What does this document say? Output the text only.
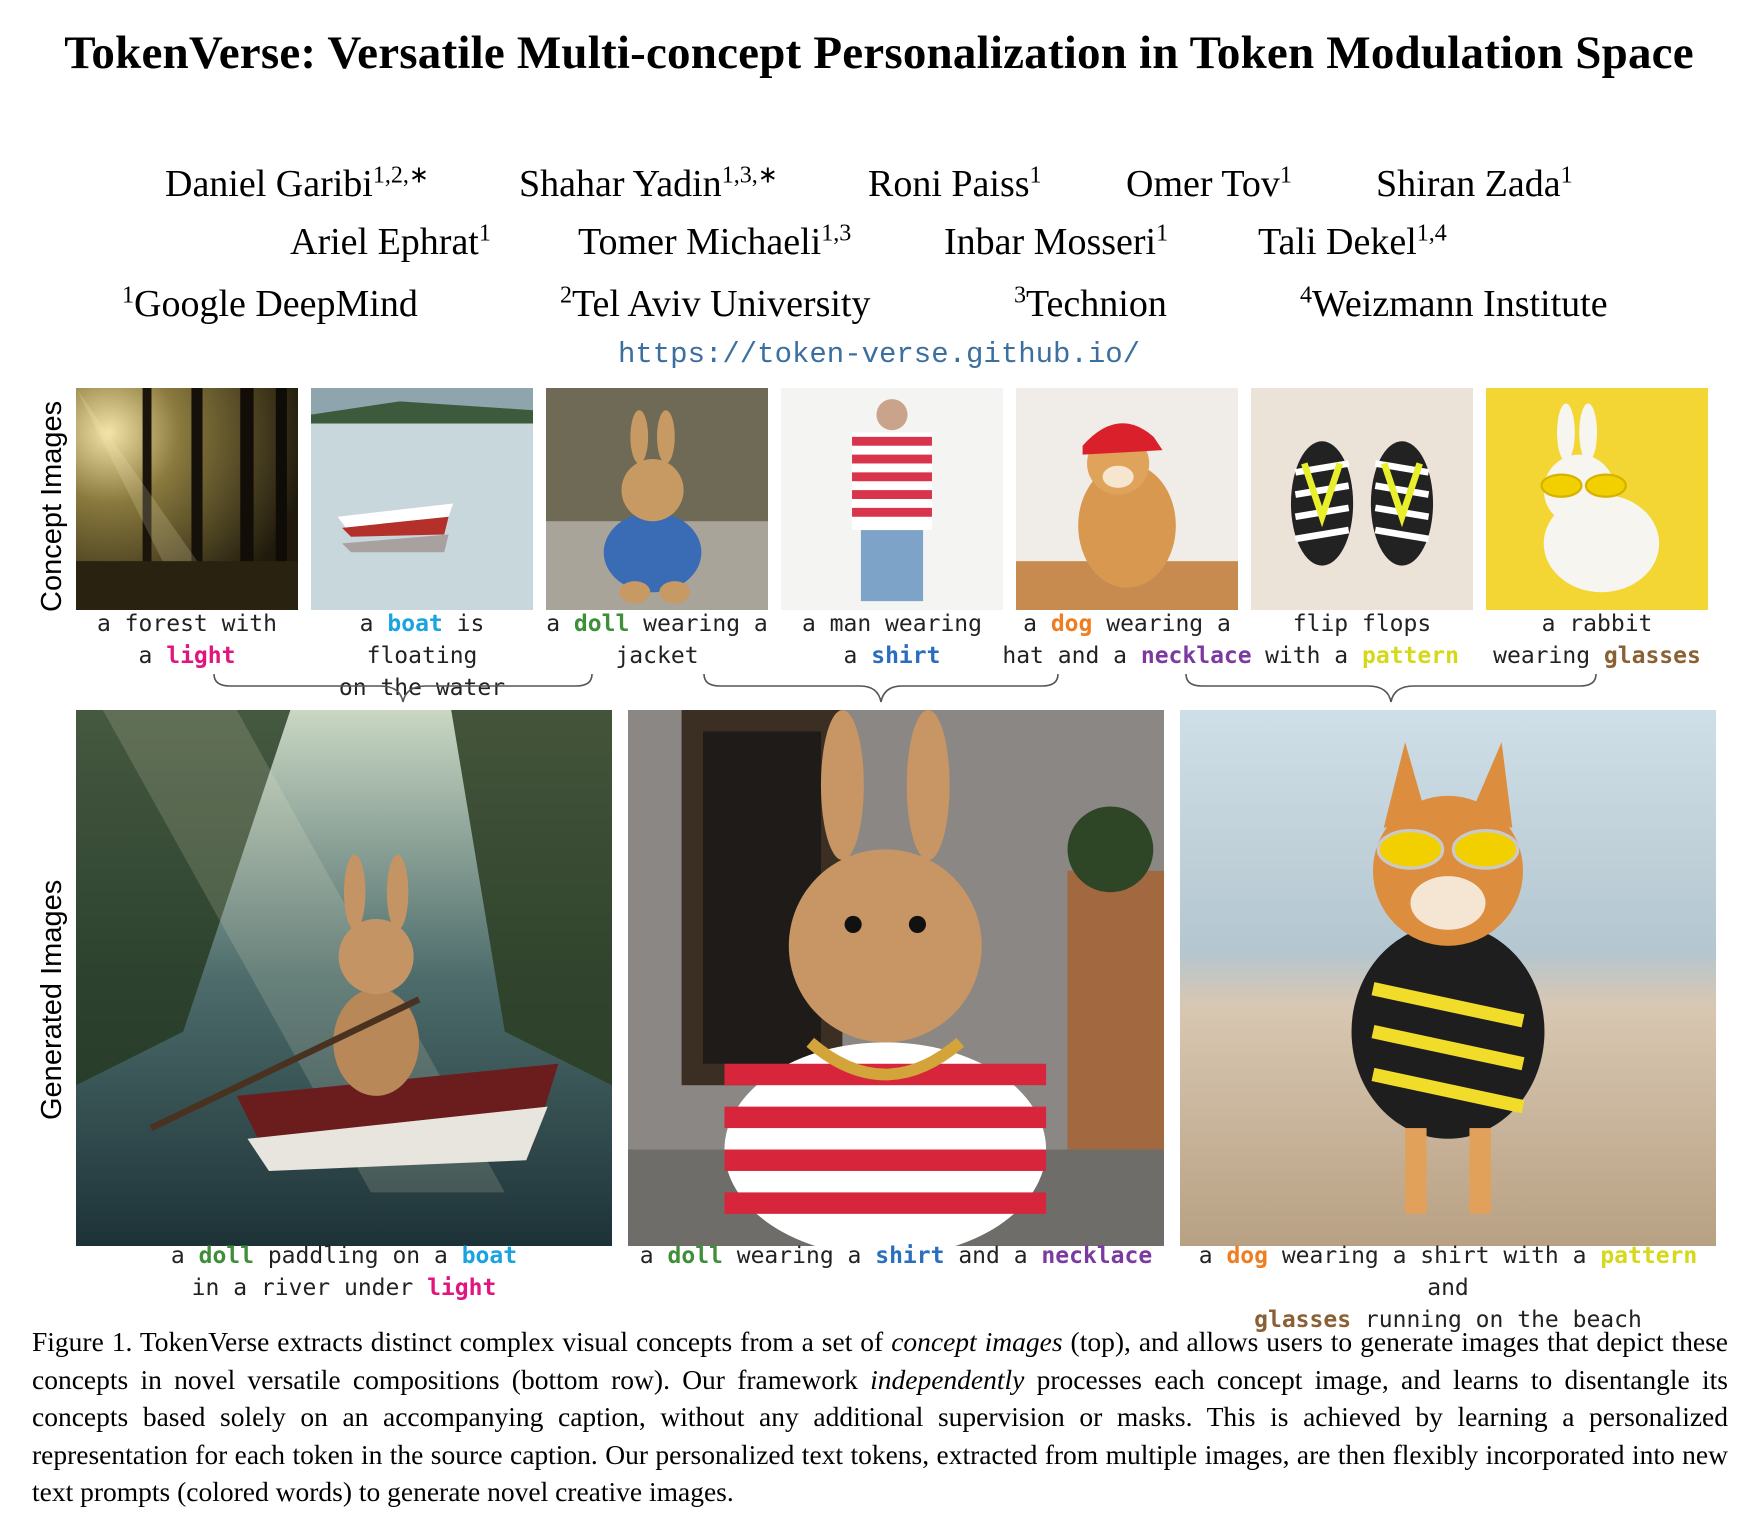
TokenVerse: Versatile Multi-concept Personalization in Token Modulation Space
Daniel Garibi$^{1,2,∗}$ Shahar Yadin$^{1,3,∗}$ Roni Paiss$^1$ Omer Tov$^1$ Shiran Zada$^1$
Ariel Ephrat$^1$ Tomer Michaeli$^{1,3}$ Inbar Mosseri$^1$ Tali Dekel$^{1,4}$
$^1$Google DeepMind	$^2$Tel Aviv University	$^3$Technion	$^4$Weizmann Institute
https://token-verse.github.io/
Concept Images
Generated Images
a forest with
a light
a boat is floating
on the water
a doll wearing a
jacket
a man wearing
a shirt
a dog wearing a
hat and a necklace
flip flops
with a pattern
a rabbit
wearing glasses
a doll paddling on a boat
in a river under light
a doll wearing a shirt and a necklace	a dog wearing a shirt with a pattern and
glasses running on the beach
Figure 1. TokenVerse extracts distinct complex visual concepts from a set of concept images (top), and allows users to generate images that depict these concepts in novel versatile compositions (bottom row). Our framework independently processes each concept image, and learns to disentangle its concepts based solely on an accompanying caption, without any additional supervision or masks. This is achieved by learning a personalized representation for each token in the source caption. Our personalized text tokens, extracted from multiple images, are then flexibly incorporated into new text prompts (colored words) to generate novel creative images.
